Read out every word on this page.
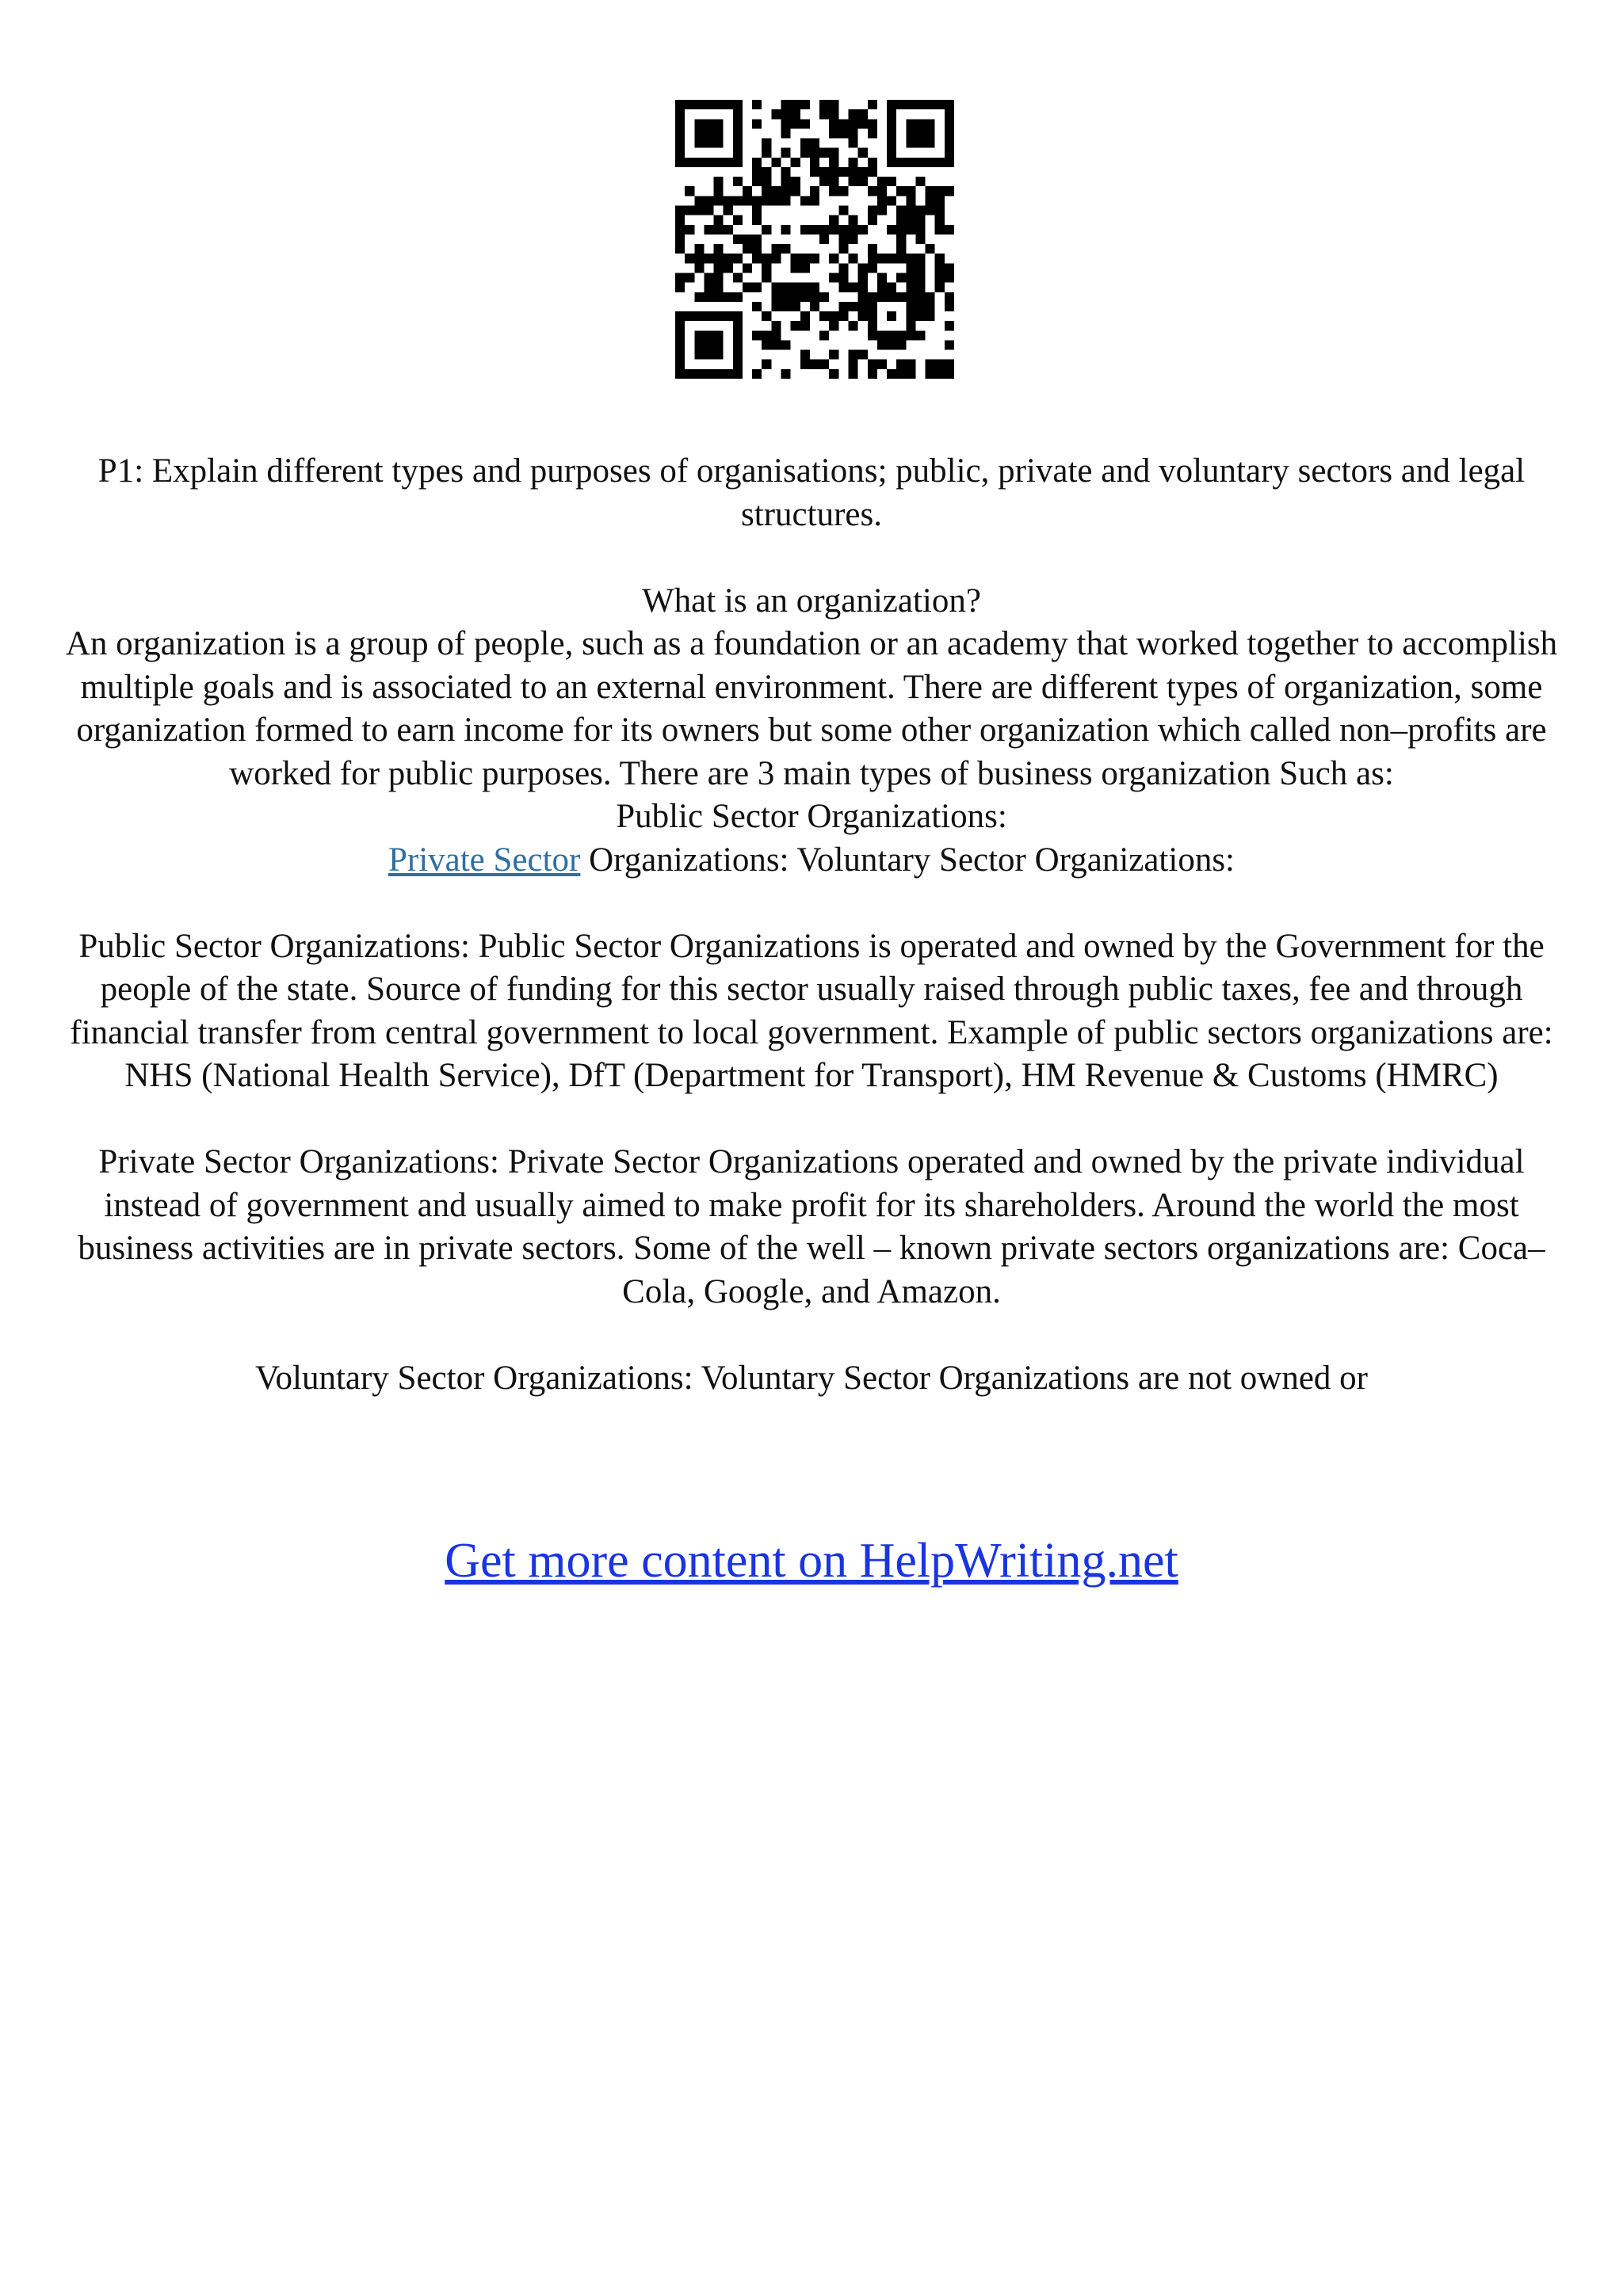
P1: Explain different types and purposes of organisations; public, private and voluntary sectors and legal structures.

What is an organization?

An organization is a group of people, such as a foundation or an academy that worked together to accomplish multiple goals and is associated to an external environment. There are different types of organization, some organization formed to earn income for its owners but some other organization which called non–profits are worked for public purposes. There are 3 main types of business organization Such as:

Public Sector Organizations:

Private Sector Organizations: Voluntary Sector Organizations:

Public Sector Organizations: Public Sector Organizations is operated and owned by the Government for the people of the state. Source of funding for this sector usually raised through public taxes, fee and through financial transfer from central government to local government. Example of public sectors organizations are: NHS (National Health Service), DfT (Department for Transport), HM Revenue & Customs (HMRC)

Private Sector Organizations: Private Sector Organizations operated and owned by the private individual instead of government and usually aimed to make profit for its shareholders. Around the world the most business activities are in private sectors. Some of the well – known private sectors organizations are: Coca–Cola, Google, and Amazon.

Voluntary Sector Organizations: Voluntary Sector Organizations are not owned or

Get more content on HelpWriting.net
